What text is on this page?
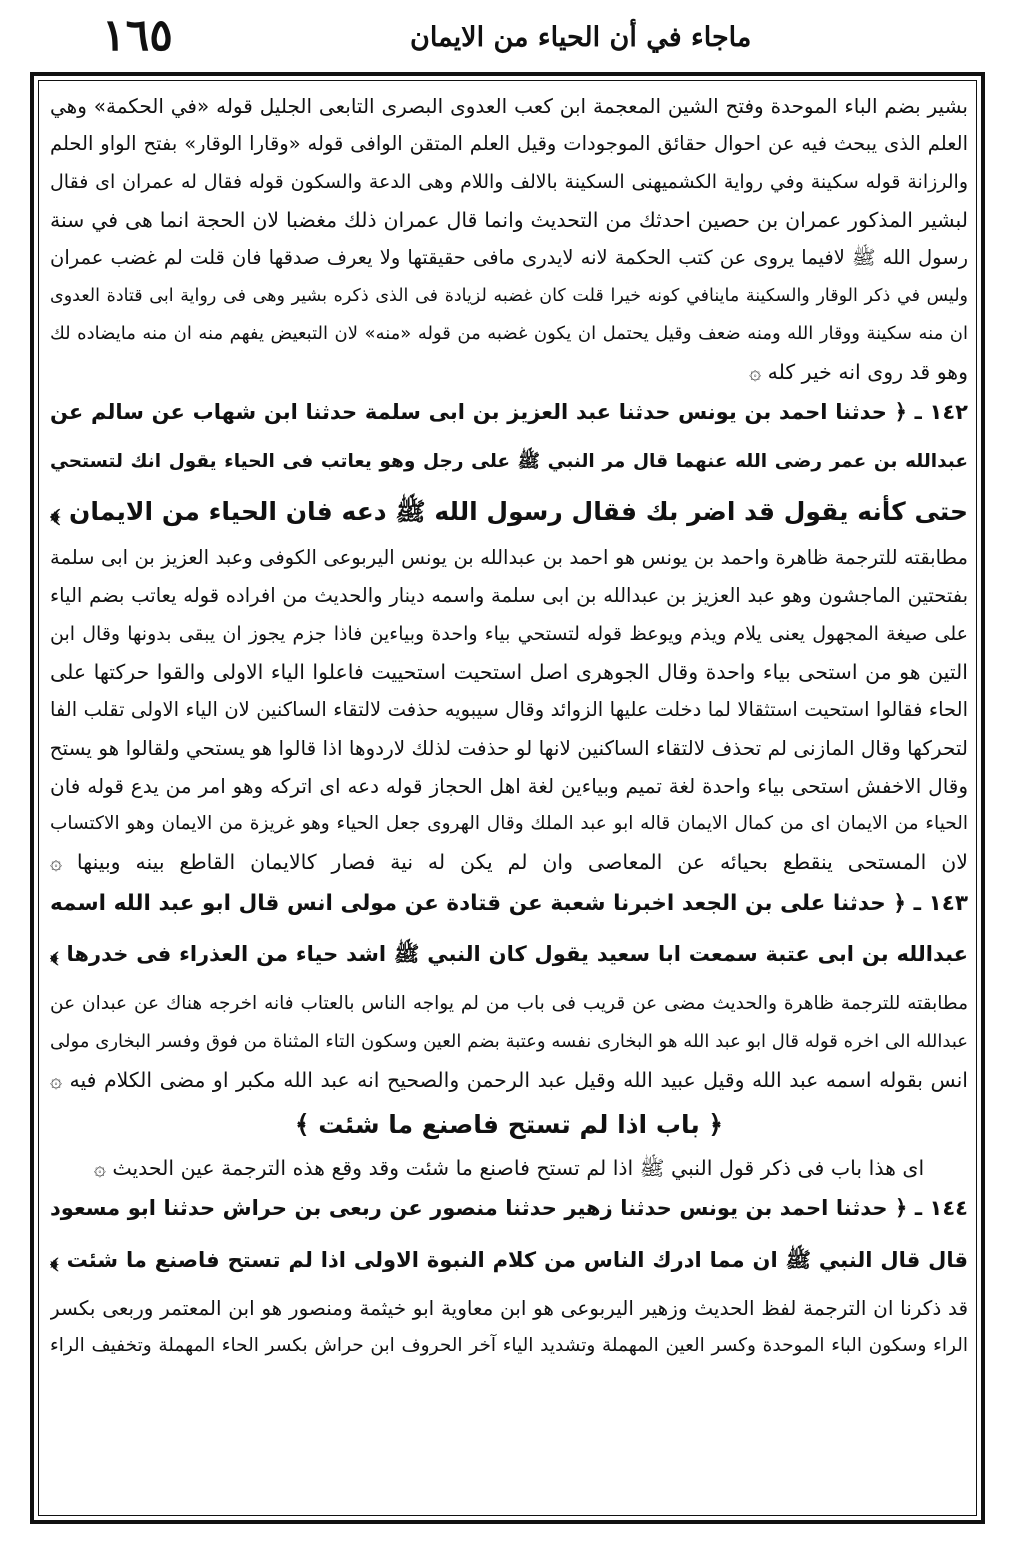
١٦٥	ماجاء في أن الحياء من الايمان
بشير بضم الباء الموحدة وفتح الشين المعجمة ابن كعب العدوى البصرى التابعى الجليل قوله «في الحكمة» وهي
العلم الذى يبحث فيه عن احوال حقائق الموجودات وقيل العلم المتقن الوافى قوله «وقارا الوقار» بفتح الواو الحلم
والرزانة قوله سكينة وفي رواية الكشميهنى السكينة بالالف واللام وهى الدعة والسكون قوله فقال له عمران اى فقال
لبشير المذكور عمران بن حصين احدثك من التحديث وانما قال عمران ذلك مغضبا لان الحجة انما هى في سنة
رسول الله ﷺ لافيما يروى عن كتب الحكمة لانه لايدرى مافى حقيقتها ولا يعرف صدقها فان قلت لم غضب عمران
وليس في ذكر الوقار والسكينة ماينافي كونه خيرا قلت كان غضبه لزيادة فى الذى ذكره بشير وهى فى رواية ابى قتادة العدوى
ان منه سكينة ووقار الله ومنه ضعف وقيل يحتمل ان يكون غضبه من قوله «منه» لان التبعيض يفهم منه ان منه مايضاده لك
وهو قد روى انه خير كله ۞
١٤٢ ـ ﴿ حدثنا احمد بن يونس حدثنا عبد العزيز بن ابى سلمة حدثنا ابن شهاب عن سالم عن
عبدالله بن عمر رضى الله عنهما قال مر النبي ﷺ على رجل وهو يعاتب فى الحياء يقول انك لتستحي
حتى كأنه يقول قد اضر بك فقال رسول الله ﷺ دعه فان الحياء من الايمان ﴾
مطابقته للترجمة ظاهرة واحمد بن يونس هو احمد بن عبدالله بن يونس اليربوعى الكوفى وعبد العزيز بن ابى سلمة
بفتحتين الماجشون وهو عبد العزيز بن عبدالله بن ابى سلمة واسمه دينار والحديث من افراده قوله يعاتب بضم الياء
على صيغة المجهول يعنى يلام ويذم ويوعظ قوله لتستحي بياء واحدة وبياءين فاذا جزم يجوز ان يبقى بدونها وقال ابن
التين هو من استحى بياء واحدة وقال الجوهرى اصل استحيت استحييت فاعلوا الياء الاولى والقوا حركتها على
الحاء فقالوا استحيت استثقالا لما دخلت عليها الزوائد وقال سيبويه حذفت لالتقاء الساكنين لان الياء الاولى تقلب الفا
لتحركها وقال المازنى لم تحذف لالتقاء الساكنين لانها لو حذفت لذلك لاردوها اذا قالوا هو يستحي ولقالوا هو يستح
وقال الاخفش استحى بياء واحدة لغة تميم وبياءين لغة اهل الحجاز قوله دعه اى اتركه وهو امر من يدع قوله فان
الحياء من الايمان اى من كمال الايمان قاله ابو عبد الملك وقال الهروى جعل الحياء وهو غريزة من الايمان وهو الاكتساب
لان المستحى ينقطع بحيائه عن المعاصى وان لم يكن له نية فصار كالايمان القاطع بينه وبينها ۞
١٤٣ ـ ﴿ حدثنا على بن الجعد اخبرنا شعبة عن قتادة عن مولى انس قال ابو عبد الله اسمه
عبدالله بن ابى عتبة سمعت ابا سعيد يقول كان النبي ﷺ اشد حياء من العذراء فى خدرها ﴾
مطابقته للترجمة ظاهرة والحديث مضى عن قريب فى باب من لم يواجه الناس بالعتاب فانه اخرجه هناك عن عبدان عن
عبدالله الى اخره قوله قال ابو عبد الله هو البخارى نفسه وعتبة بضم العين وسكون التاء المثناة من فوق وفسر البخارى مولى
انس بقوله اسمه عبد الله وقيل عبيد الله وقيل عبد الرحمن والصحيح انه عبد الله مكبر او مضى الكلام فيه ۞
﴿ باب اذا لم تستح فاصنع ما شئت ﴾
اى هذا باب فى ذكر قول النبي ﷺ اذا لم تستح فاصنع ما شئت وقد وقع هذه الترجمة عين الحديث ۞
١٤٤ ـ ﴿ حدثنا احمد بن يونس حدثنا زهير حدثنا منصور عن ربعى بن حراش حدثنا ابو مسعود
قال قال النبي ﷺ ان مما ادرك الناس من كلام النبوة الاولى اذا لم تستح فاصنع ما شئت ﴾
قد ذكرنا ان الترجمة لفظ الحديث وزهير اليربوعى هو ابن معاوية ابو خيثمة ومنصور هو ابن المعتمر وربعى بكسر
الراء وسكون الباء الموحدة وكسر العين المهملة وتشديد الياء آخر الحروف ابن حراش بكسر الحاء المهملة وتخفيف الراء
